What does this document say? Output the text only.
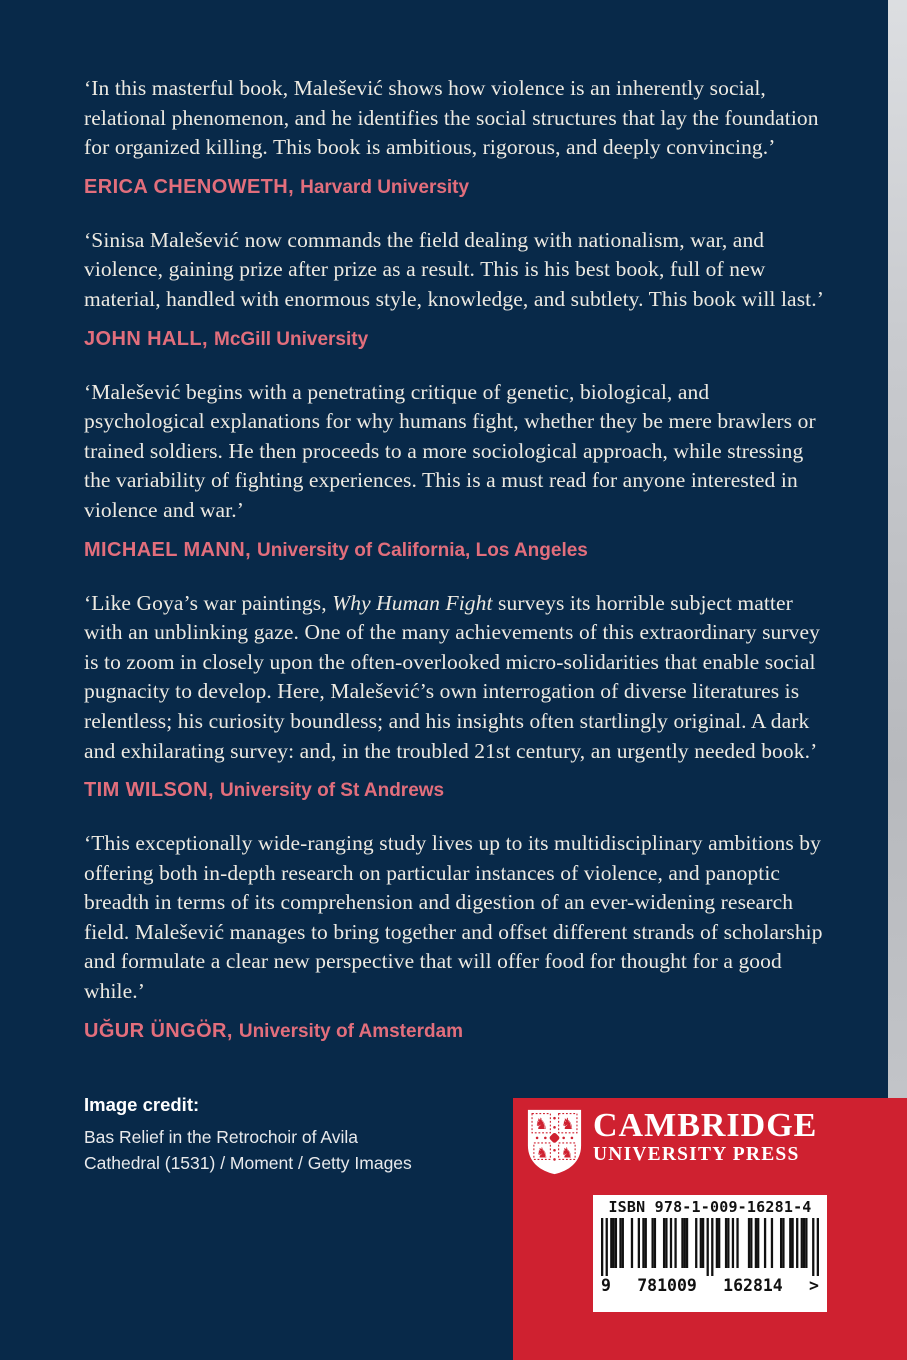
‘In this masterful book, Malešević shows how violence is an inherently social, relational phenomenon, and he identifies the social structures that lay the foundation for organized killing. This book is ambitious, rigorous, and deeply convincing.’

ERICA CHENOWETH, Harvard University

‘Sinisa Malešević now commands the field dealing with nationalism, war, and violence, gaining prize after prize as a result. This is his best book, full of new material, handled with enormous style, knowledge, and subtlety. This book will last.’

JOHN HALL, McGill University

‘Malešević begins with a penetrating critique of genetic, biological, and psychological explanations for why humans fight, whether they be mere brawlers or trained soldiers. He then proceeds to a more sociological approach, while stressing the variability of fighting experiences. This is a must read for anyone interested in violence and war.’

MICHAEL MANN, University of California, Los Angeles

‘Like Goya’s war paintings, Why Human Fight surveys its horrible subject matter with an unblinking gaze. One of the many achievements of this extraordinary survey is to zoom in closely upon the often-overlooked micro-solidarities that enable social pugnacity to develop. Here, Malešević’s own interrogation of diverse literatures is relentless; his curiosity boundless; and his insights often startlingly original. A dark and exhilarating survey: and, in the troubled 21st century, an urgently needed book.’

TIM WILSON, University of St Andrews

‘This exceptionally wide-ranging study lives up to its multidisciplinary ambitions by offering both in-depth research on particular instances of violence, and panoptic breadth in terms of its comprehension and digestion of an ever-widening research field. Malešević manages to bring together and offset different strands of scholarship and formulate a clear new perspective that will offer food for thought for a good while.’

UĞUR ÜNGÖR, University of Amsterdam

Image credit:
Bas Relief in the Retrochoir of Avila
Cathedral (1531) / Moment / Getty Images
♞ ♞
♞ ♞
CAMBRIDGE
UNIVERSITY PRESS
ISBN 978-1-009-16281-4
9 781009 162814 >
